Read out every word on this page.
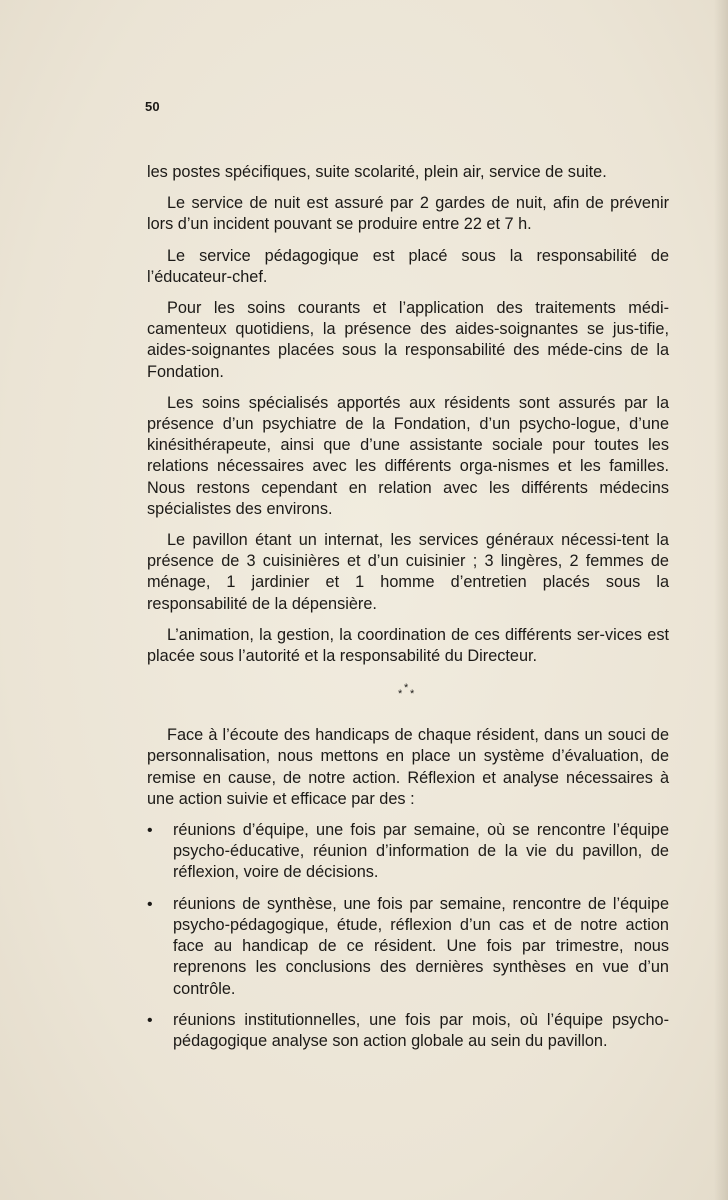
50

les postes spécifiques, suite scolarité, plein air, service de suite.

Le service de nuit est assuré par 2 gardes de nuit, afin de prévenir lors d’un incident pouvant se produire entre 22 et 7 h.

Le service pédagogique est placé sous la responsabilité de l’éducateur-chef.

Pour les soins courants et l’application des traitements médi-camenteux quotidiens, la présence des aides-soignantes se jus-tifie, aides-soignantes placées sous la responsabilité des méde-cins de la Fondation.

Les soins spécialisés apportés aux résidents sont assurés par la présence d’un psychiatre de la Fondation, d’un psycho-logue, d’une kinésithérapeute, ainsi que d’une assistante sociale pour toutes les relations nécessaires avec les différents orga-nismes et les familles. Nous restons cependant en relation avec les différents médecins spécialistes des environs.

Le pavillon étant un internat, les services généraux nécessi-tent la présence de 3 cuisinières et d’un cuisinier ; 3 lingères, 2 femmes de ménage, 1 jardinier et 1 homme d’entretien placés sous la responsabilité de la dépensière.

L’animation, la gestion, la coordination de ces différents ser-vices est placée sous l’autorité et la responsabilité du Directeur.

*
* *

Face à l’écoute des handicaps de chaque résident, dans un souci de personnalisation, nous mettons en place un système d’évaluation, de remise en cause, de notre action. Réflexion et analyse nécessaires à une action suivie et efficace par des :

• réunions d’équipe, une fois par semaine, où se rencontre l’équipe psycho-éducative, réunion d’information de la vie du pavillon, de réflexion, voire de décisions.

• réunions de synthèse, une fois par semaine, rencontre de l’équipe psycho-pédagogique, étude, réflexion d’un cas et de notre action face au handicap de ce résident. Une fois par trimestre, nous reprenons les conclusions des dernières synthèses en vue d’un contrôle.

• réunions institutionnelles, une fois par mois, où l’équipe psycho-pédagogique analyse son action globale au sein du pavillon.
